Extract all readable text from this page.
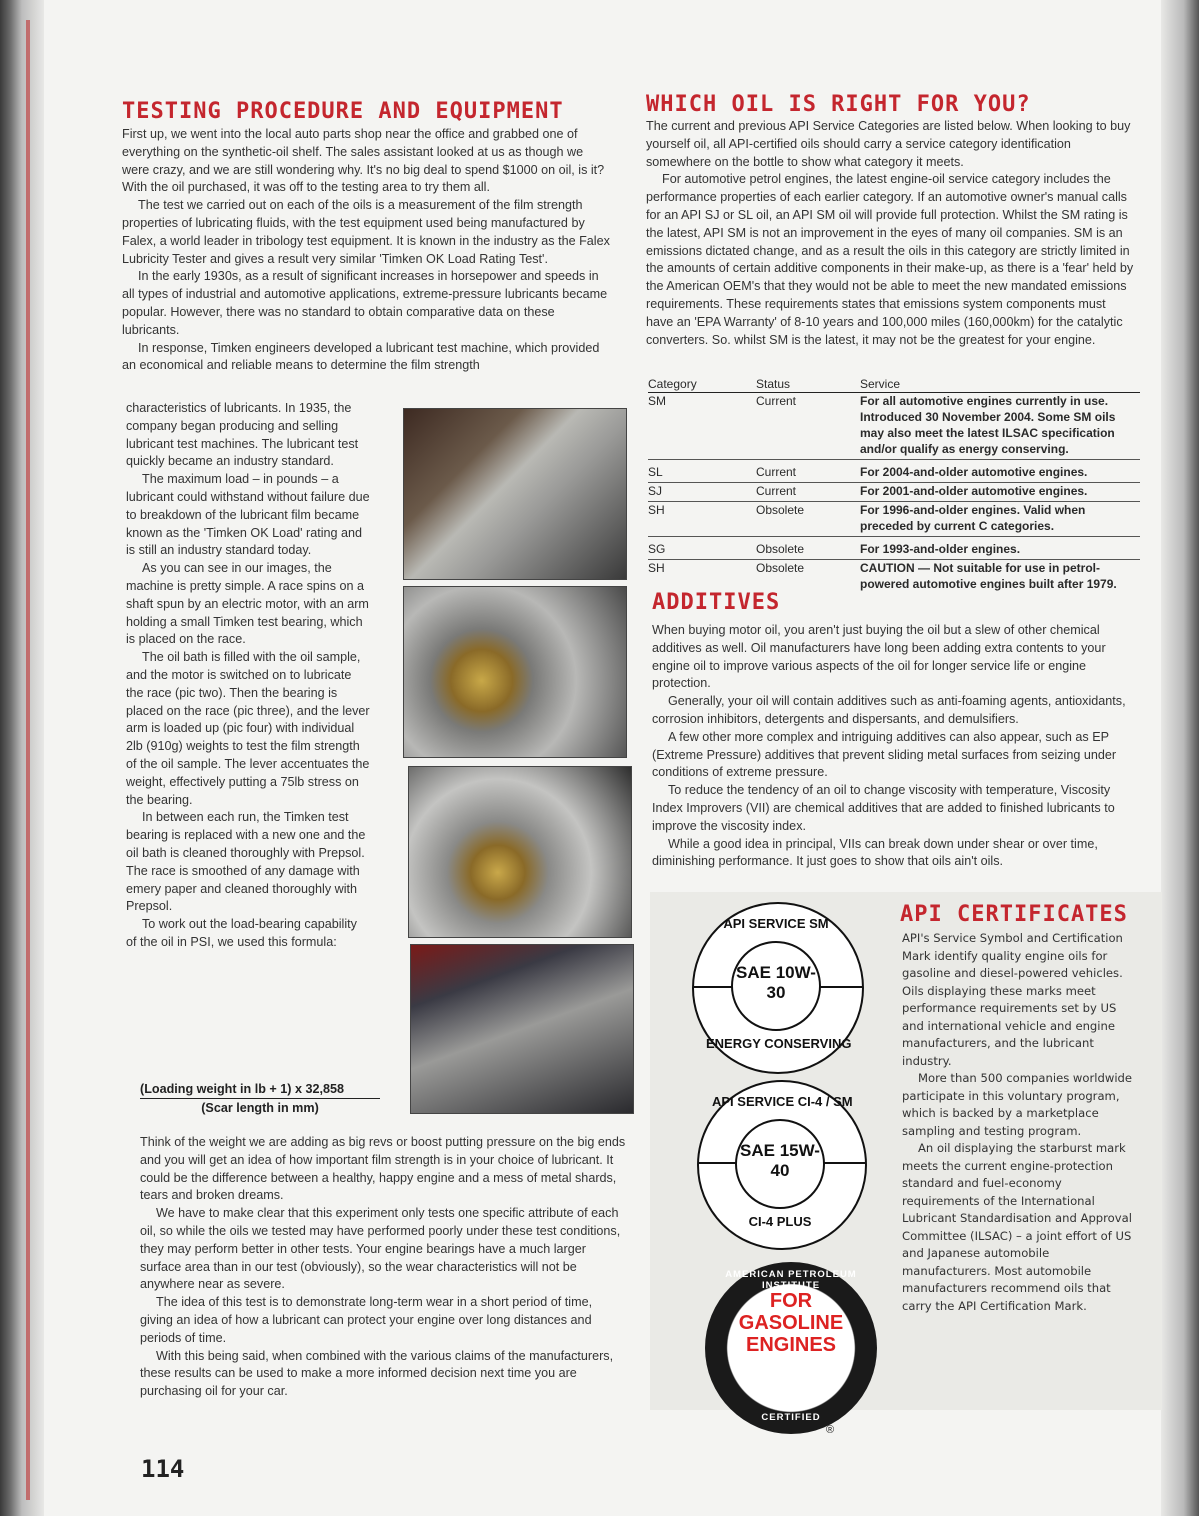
TESTING PROCEDURE AND EQUIPMENT

First up, we went into the local auto parts shop near the office and grabbed one of everything on the synthetic-oil shelf. The sales assistant looked at us as though we were crazy, and we are still wondering why. It's no big deal to spend $1000 on oil, is it? With the oil purchased, it was off to the testing area to try them all.

The test we carried out on each of the oils is a measurement of the film strength properties of lubricating fluids, with the test equipment used being manufactured by Falex, a world leader in tribology test equipment. It is known in the industry as the Falex Lubricity Tester and gives a result very similar 'Timken OK Load Rating Test'.

In the early 1930s, as a result of significant increases in horsepower and speeds in all types of industrial and automotive applications, extreme-pressure lubricants became popular. However, there was no standard to obtain comparative data on these lubricants.

In response, Timken engineers developed a lubricant test machine, which provided an economical and reliable means to determine the film strength

characteristics of lubricants. In 1935, the company began producing and selling lubricant test machines. The lubricant test quickly became an industry standard.

The maximum load – in pounds – a lubricant could withstand without failure due to breakdown of the lubricant film became known as the 'Timken OK Load' rating and is still an industry standard today.

As you can see in our images, the machine is pretty simple. A race spins on a shaft spun by an electric motor, with an arm holding a small Timken test bearing, which is placed on the race.

The oil bath is filled with the oil sample, and the motor is switched on to lubricate the race (pic two). Then the bearing is placed on the race (pic three), and the lever arm is loaded up (pic four) with individual 2lb (910g) weights to test the film strength of the oil sample. The lever accentuates the weight, effectively putting a 75lb stress on the bearing.

In between each run, the Timken test bearing is replaced with a new one and the oil bath is cleaned thoroughly with Prepsol. The race is smoothed of any damage with emery paper and cleaned thoroughly with Prepsol.

To work out the load-bearing capability of the oil in PSI, we used this formula:

(Loading weight in lb + 1) x 32,858
(Scar length in mm)

Think of the weight we are adding as big revs or boost putting pressure on the big ends and you will get an idea of how important film strength is in your choice of lubricant. It could be the difference between a healthy, happy engine and a mess of metal shards, tears and broken dreams.

We have to make clear that this experiment only tests one specific attribute of each oil, so while the oils we tested may have performed poorly under these test conditions, they may perform better in other tests. Your engine bearings have a much larger surface area than in our test (obviously), so the wear characteristics will not be anywhere near as severe.

The idea of this test is to demonstrate long-term wear in a short period of time, giving an idea of how a lubricant can protect your engine over long distances and periods of time.

With this being said, when combined with the various claims of the manufacturers, these results can be used to make a more informed decision next time you are purchasing oil for your car.

WHICH OIL IS RIGHT FOR YOU?

The current and previous API Service Categories are listed below. When looking to buy yourself oil, all API-certified oils should carry a service category identification somewhere on the bottle to show what category it meets.

For automotive petrol engines, the latest engine-oil service category includes the performance properties of each earlier category. If an automotive owner's manual calls for an API SJ or SL oil, an API SM oil will provide full protection. Whilst the SM rating is the latest, API SM is not an improvement in the eyes of many oil companies. SM is an emissions dictated change, and as a result the oils in this category are strictly limited in the amounts of certain additive components in their make-up, as there is a 'fear' held by the American OEM's that they would not be able to meet the new mandated emissions requirements. These requirements states that emissions system components must have an 'EPA Warranty' of 8-10 years and 100,000 miles (160,000km) for the catalytic converters. So. whilst SM is the latest, it may not be the greatest for your engine.

Category	Status	Service
SM	Current	For all automotive engines currently in use. Introduced 30 November 2004. Some SM oils may also meet the latest ILSAC specification and/or qualify as energy conserving.
SL	Current	For 2004-and-older automotive engines.
SJ	Current	For 2001-and-older automotive engines.
SH	Obsolete	For 1996-and-older engines. Valid when preceded by current C categories.
SG	Obsolete	For 1993-and-older engines.
SH	Obsolete	CAUTION — Not suitable for use in petrol-powered automotive engines built after 1979.
ADDITIVES

When buying motor oil, you aren't just buying the oil but a slew of other chemical additives as well. Oil manufacturers have long been adding extra contents to your engine oil to improve various aspects of the oil for longer service life or engine protection.

Generally, your oil will contain additives such as anti-foaming agents, antioxidants, corrosion inhibitors, detergents and dispersants, and demulsifiers.

A few other more complex and intriguing additives can also appear, such as EP (Extreme Pressure) additives that prevent sliding metal surfaces from seizing under conditions of extreme pressure.

To reduce the tendency of an oil to change viscosity with temperature, Viscosity Index Improvers (VII) are chemical additives that are added to finished lubricants to improve the viscosity index.

While a good idea in principal, VIIs can break down under shear or over time, diminishing performance. It just goes to show that oils ain't oils.

SAE 10W-30
API SERVICE SM
ENERGY CONSERVING
SAE 15W-40
API SERVICE CI-4 / SM
CI-4 PLUS
AMERICAN PETROLEUM INSTITUTE
CERTIFIED
FOR
GASOLINE
ENGINES
®
API CERTIFICATES

API's Service Symbol and Certification Mark identify quality engine oils for gasoline and diesel-powered vehicles. Oils displaying these marks meet performance requirements set by US and international vehicle and engine manufacturers, and the lubricant industry.

More than 500 companies worldwide participate in this voluntary program, which is backed by a marketplace sampling and testing program.

An oil displaying the starburst mark meets the current engine-protection standard and fuel-economy requirements of the International Lubricant Standardisation and Approval Committee (ILSAC) – a joint effort of US and Japanese automobile manufacturers. Most automobile manufacturers recommend oils that carry the API Certification Mark.

114
